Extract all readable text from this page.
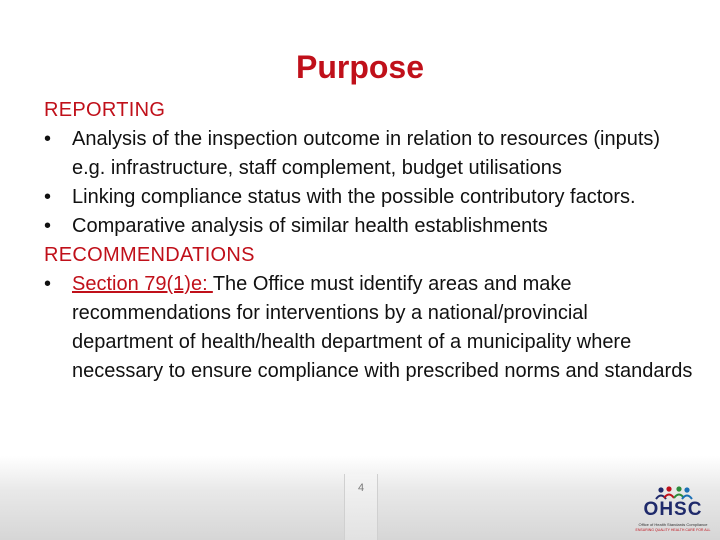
Purpose
REPORTING
•	Analysis of the inspection outcome in relation to resources (inputs) e.g. infrastructure, staff complement, budget utilisations
•	Linking compliance status with the possible contributory factors.
•	Comparative analysis of similar health establishments
RECOMMENDATIONS
•	Section 79(1)e: The Office must identify areas and make recommendations for interventions by a national/provincial department of health/health department of a municipality where necessary to ensure compliance with prescribed norms and standards
4
OHSC
Office of Health Standards Compliance
ENSURING QUALITY HEALTH CARE FOR ALL
